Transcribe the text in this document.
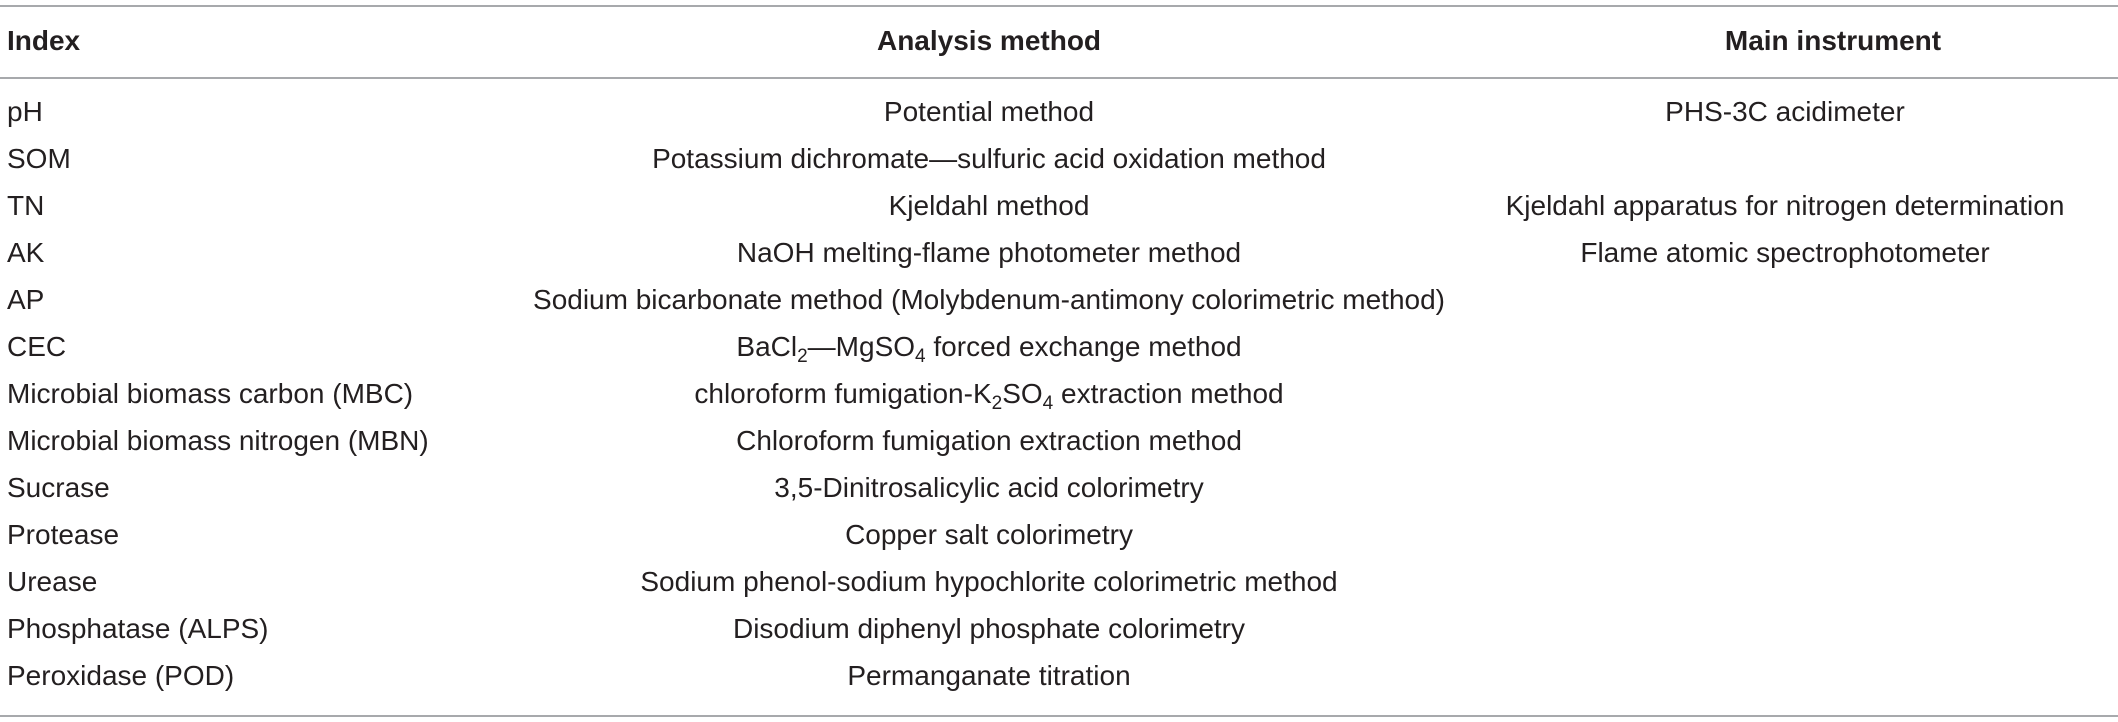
Index	Analysis method	Main instrument
pH	Potential method	PHS-3C acidimeter
SOM	Potassium dichromate—sulfuric acid oxidation method
TN	Kjeldahl method	Kjeldahl apparatus for nitrogen determination
AK	NaOH melting-flame photometer method	Flame atomic spectrophotometer
AP	Sodium bicarbonate method (Molybdenum-antimony colorimetric method)
CEC	BaCl$_2$—MgSO$_4$ forced exchange method
Microbial biomass carbon (MBC)	chloroform fumigation-$K_2SO_4$ extraction method
Microbial biomass nitrogen (MBN)	Chloroform fumigation extraction method
Sucrase	3,5-Dinitrosalicylic acid colorimetry
Protease	Copper salt colorimetry
Urease	Sodium phenol-sodium hypochlorite colorimetric method
Phosphatase (ALPS)	Disodium diphenyl phosphate colorimetry
Peroxidase (POD)	Permanganate titration
